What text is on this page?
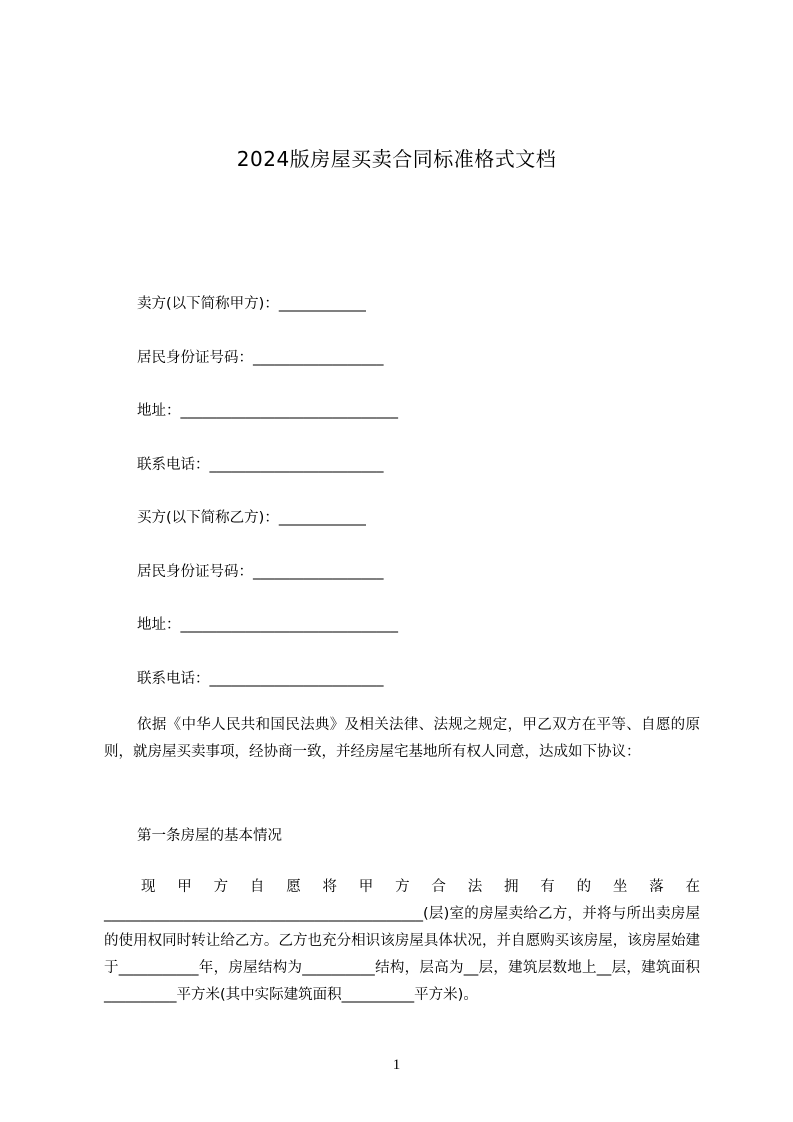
2024版房屋买卖合同标准格式文档
卖方(以下简称甲方)：____________
居民身份证号码：__________________
地址：______________________________
联系电话：________________________
买方(以下简称乙方)：____________
居民身份证号码：__________________
地址：______________________________
联系电话：________________________
依据《中华人民共和国民法典》及相关法律、法规之规定，甲乙双方在平等、自愿的原则，就房屋买卖事项，经协商一致，并经房屋宅基地所有权人同意，达成如下协议：
第一条房屋的基本情况
现甲方自愿将甲方合法拥有的坐落在____________________________________________(层)室的房屋卖给乙方，并将与所出卖房屋的使用权同时转让给乙方。乙方也充分相识该房屋具体状况，并自愿购买该房屋，该房屋始建于___________年，房屋结构为__________结构，层高为__层，建筑层数地上__层，建筑面积__________平方米(其中实际建筑面积__________平方米)。
1
